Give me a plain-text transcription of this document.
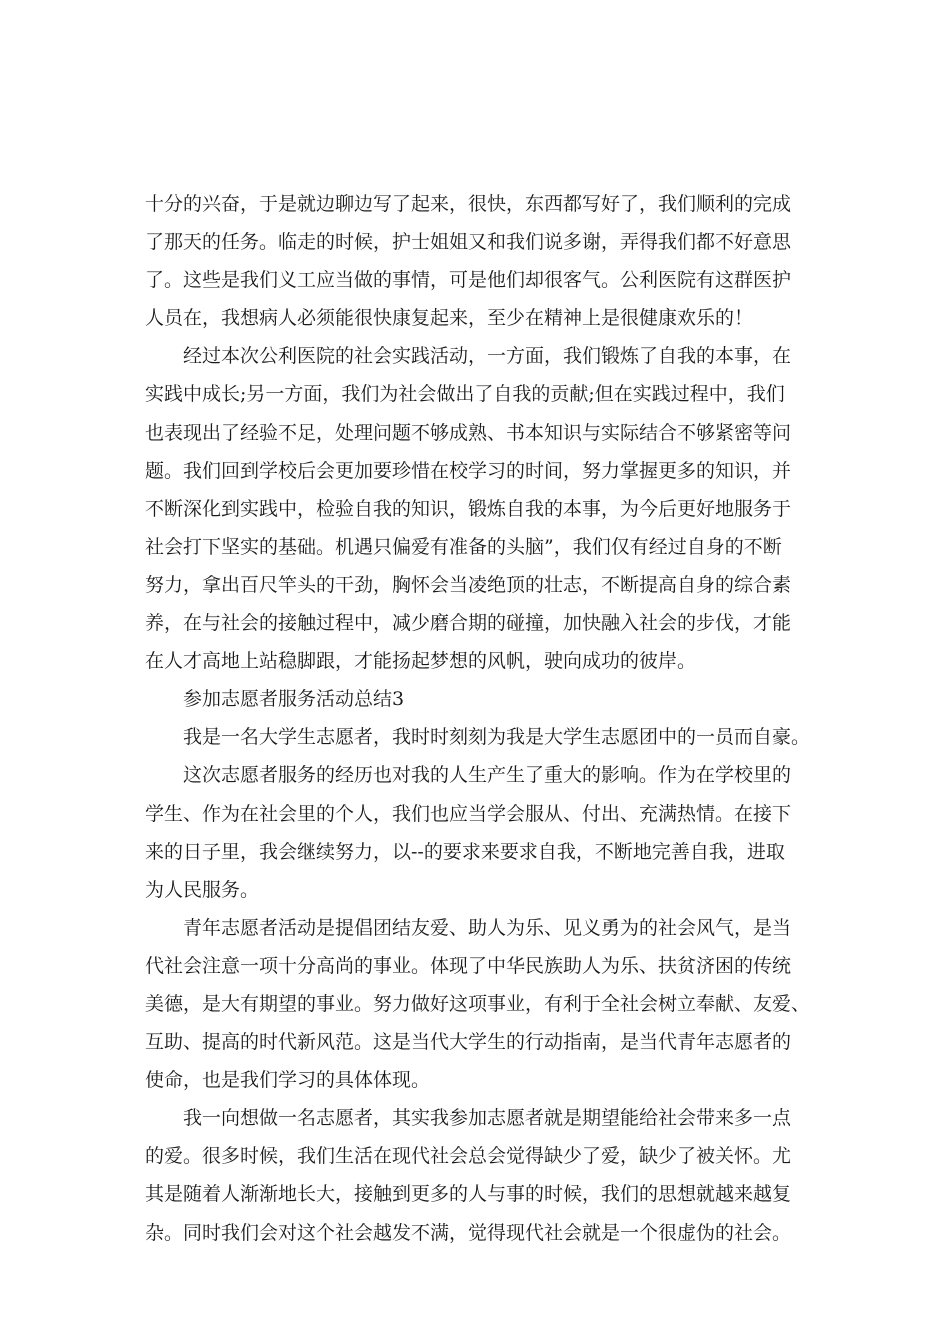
十分的兴奋，于是就边聊边写了起来，很快，东西都写好了，我们顺利的完成
了那天的任务。临走的时候，护士姐姐又和我们说多谢，弄得我们都不好意思
了。这些是我们义工应当做的事情，可是他们却很客气。公利医院有这群医护
人员在，我想病人必须能很快康复起来，至少在精神上是很健康欢乐的！
经过本次公利医院的社会实践活动，一方面，我们锻炼了自我的本事，在
实践中成长;另一方面，我们为社会做出了自我的贡献;但在实践过程中，我们
也表现出了经验不足，处理问题不够成熟、书本知识与实际结合不够紧密等问
题。我们回到学校后会更加要珍惜在校学习的时间，努力掌握更多的知识，并
不断深化到实践中，检验自我的知识，锻炼自我的本事，为今后更好地服务于
社会打下坚实的基础。机遇只偏爱有准备的头脑”，我们仅有经过自身的不断
努力，拿出百尺竿头的干劲，胸怀会当凌绝顶的壮志，不断提高自身的综合素
养，在与社会的接触过程中，减少磨合期的碰撞，加快融入社会的步伐，才能
在人才高地上站稳脚跟，才能扬起梦想的风帆，驶向成功的彼岸。
参加志愿者服务活动总结3
我是一名大学生志愿者，我时时刻刻为我是大学生志愿团中的一员而自豪。
这次志愿者服务的经历也对我的人生产生了重大的影响。作为在学校里的
学生、作为在社会里的个人，我们也应当学会服从、付出、充满热情。在接下
来的日子里，我会继续努力，以--的要求来要求自我，不断地完善自我，进取
为人民服务。
青年志愿者活动是提倡团结友爱、助人为乐、见义勇为的社会风气，是当
代社会注意一项十分高尚的事业。体现了中华民族助人为乐、扶贫济困的传统
美德，是大有期望的事业。努力做好这项事业，有利于全社会树立奉献、友爱、
互助、提高的时代新风范。这是当代大学生的行动指南，是当代青年志愿者的
使命，也是我们学习的具体体现。
我一向想做一名志愿者，其实我参加志愿者就是期望能给社会带来多一点
的爱。很多时候，我们生活在现代社会总会觉得缺少了爱，缺少了被关怀。尤
其是随着人渐渐地长大，接触到更多的人与事的时候，我们的思想就越来越复
杂。同时我们会对这个社会越发不满，觉得现代社会就是一个很虚伪的社会。
